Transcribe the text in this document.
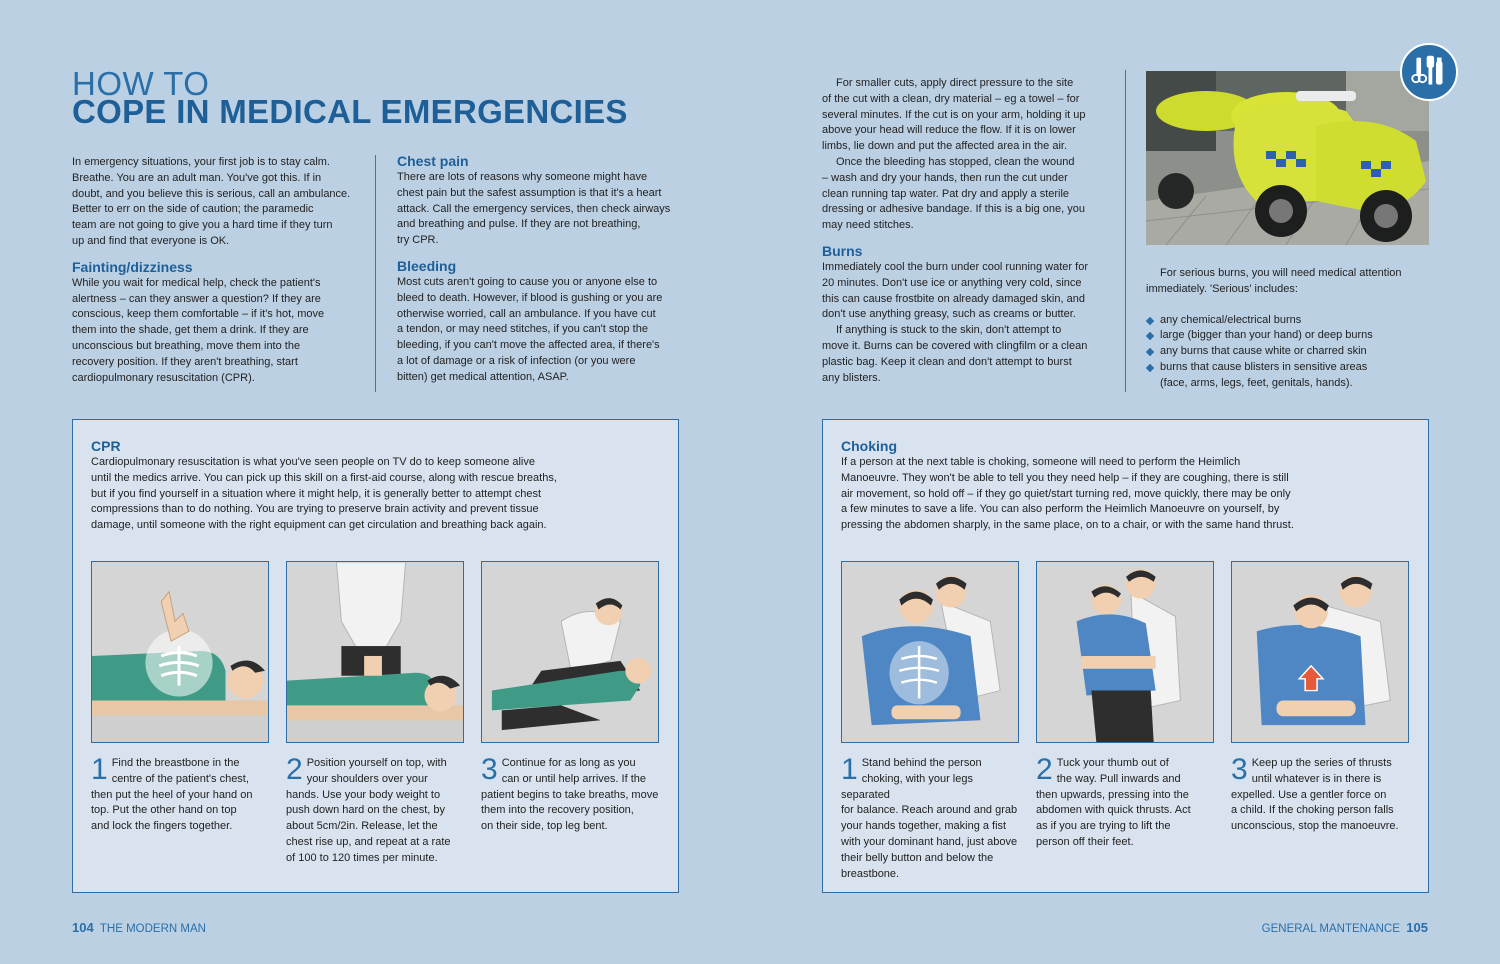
HOW TO
COPE IN MEDICAL EMERGENCIES
In emergency situations, your first job is to stay calm.
Breathe. You are an adult man. You've got this. If in
doubt, and you believe this is serious, call an ambulance.
Better to err on the side of caution; the paramedic
team are not going to give you a hard time if they turn
up and find that everyone is OK.
Fainting/dizziness
While you wait for medical help, check the patient's
alertness – can they answer a question? If they are
conscious, keep them comfortable – if it's hot, move
them into the shade, get them a drink. If they are
unconscious but breathing, move them into the
recovery position. If they aren't breathing, start
cardiopulmonary resuscitation (CPR).
Chest pain
There are lots of reasons why someone might have
chest pain but the safest assumption is that it's a heart
attack. Call the emergency services, then check airways
and breathing and pulse. If they are not breathing,
try CPR.
Bleeding
Most cuts aren't going to cause you or anyone else to
bleed to death. However, if blood is gushing or you are
otherwise worried, call an ambulance. If you have cut
a tendon, or may need stitches, if you can't stop the
bleeding, if you can't move the affected area, if there's
a lot of damage or a risk of infection (or you were
bitten) get medical attention, ASAP.
For smaller cuts, apply direct pressure to the site
of the cut with a clean, dry material – eg a towel – for
several minutes. If the cut is on your arm, holding it up
above your head will reduce the flow. If it is on lower
limbs, lie down and put the affected area in the air.
Once the bleeding has stopped, clean the wound
– wash and dry your hands, then run the cut under
clean running tap water. Pat dry and apply a sterile
dressing or adhesive bandage. If this is a big one, you
may need stitches.
Burns
Immediately cool the burn under cool running water for
20 minutes. Don't use ice or anything very cold, since
this can cause frostbite on already damaged skin, and
don't use anything greasy, such as creams or butter.
If anything is stuck to the skin, don't attempt to
move it. Burns can be covered with clingfilm or a clean
plastic bag. Keep it clean and don't attempt to burst
any blisters.
For serious burns, you will need medical attention
immediately. 'Serious' includes:
any chemical/electrical burns
large (bigger than your hand) or deep burns
any burns that cause white or charred skin
burns that cause blisters in sensitive areas
(face, arms, legs, feet, genitals, hands).
CPR
Cardiopulmonary resuscitation is what you've seen people on TV do to keep someone alive
until the medics arrive. You can pick up this skill on a first-aid course, along with rescue breaths,
but if you find yourself in a situation where it might help, it is generally better to attempt chest
compressions than to do nothing. You are trying to preserve brain activity and prevent tissue
damage, until someone with the right equipment can get circulation and breathing back again.
1 Find the breastbone in the
centre of the patient's chest,
then put the heel of your hand on
top. Put the other hand on top
and lock the fingers together.
2 Position yourself on top, with
your shoulders over your
hands. Use your body weight to
push down hard on the chest, by
about 5cm/2in. Release, let the
chest rise up, and repeat at a rate
of 100 to 120 times per minute.
3 Continue for as long as you
can or until help arrives. If the
patient begins to take breaths, move
them into the recovery position,
on their side, top leg bent.
Choking
If a person at the next table is choking, someone will need to perform the Heimlich
Manoeuvre. They won't be able to tell you they need help – if they are coughing, there is still
air movement, so hold off – if they go quiet/start turning red, move quickly, there may be only
a few minutes to save a life. You can also perform the Heimlich Manoeuvre on yourself, by
pressing the abdomen sharply, in the same place, on to a chair, or with the same hand thrust.
1 Stand behind the person
choking, with your legs separated
for balance. Reach around and grab
your hands together, making a fist
with your dominant hand, just above
their belly button and below the
breastbone.
2 Tuck your thumb out of
the way. Pull inwards and
then upwards, pressing into the
abdomen with quick thrusts. Act
as if you are trying to lift the
person off their feet.
3 Keep up the series of thrusts
until whatever is in there is
expelled. Use a gentler force on
a child. If the choking person falls
unconscious, stop the manoeuvre.
104 THE MODERN MAN	GENERAL MANTENANCE 105
